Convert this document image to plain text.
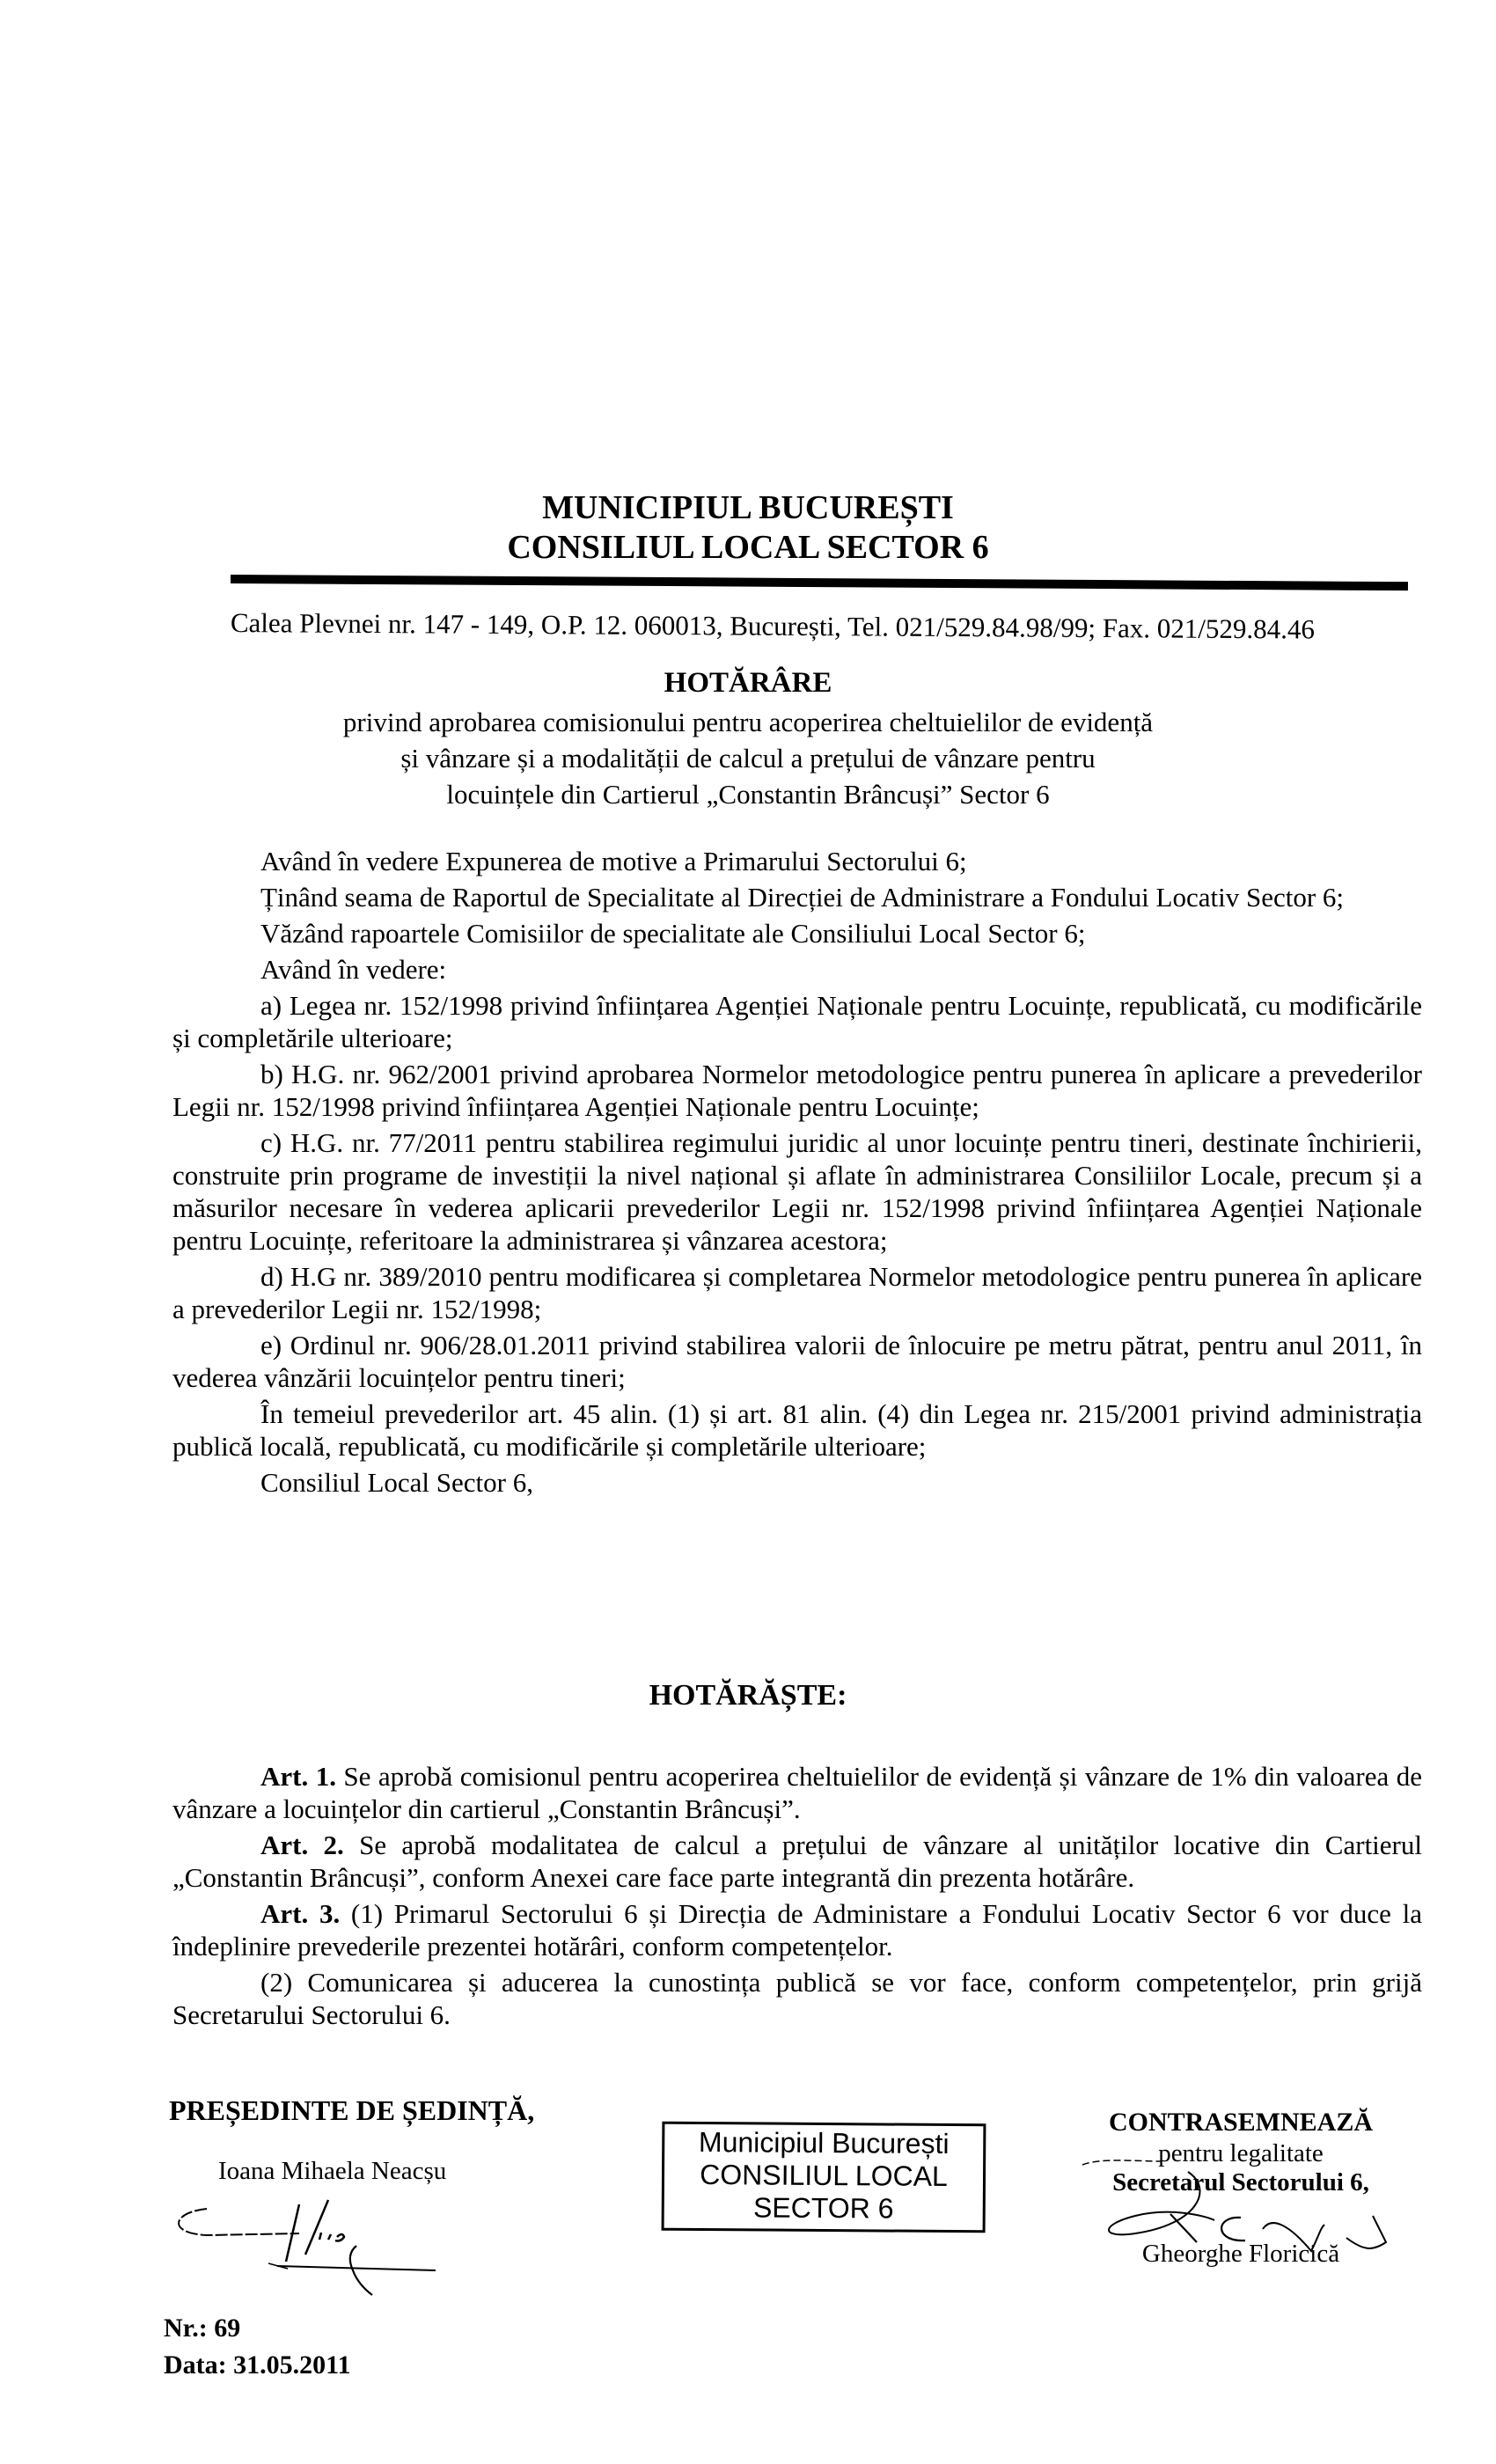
MUNICIPIUL BUCUREȘTI
CONSILIUL LOCAL SECTOR 6
Calea Plevnei nr. 147 - 149, O.P. 12. 060013, București, Tel. 021/529.84.98/99; Fax. 021/529.84.46
HOTĂRÂRE
privind aprobarea comisionului pentru acoperirea cheltuielilor de evidență
și vânzare și a modalității de calcul a prețului de vânzare pentru
locuințele din Cartierul „Constantin Brâncuși” Sector 6

Având în vedere Expunerea de motive a Primarului Sectorului 6;

Ținând seama de Raportul de Specialitate al Direcției de Administrare a Fondului Locativ Sector 6;

Văzând rapoartele Comisiilor de specialitate ale Consiliului Local Sector 6;

Având în vedere:

a) Legea nr. 152/1998 privind înființarea Agenției Naționale pentru Locuințe, republicată, cu modificările și completările ulterioare;

b) H.G. nr. 962/2001 privind aprobarea Normelor metodologice pentru punerea în aplicare a prevederilor Legii nr. 152/1998 privind înființarea Agenției Naționale pentru Locuințe;

c) H.G. nr. 77/2011 pentru stabilirea regimului juridic al unor locuințe pentru tineri, destinate închirierii, construite prin programe de investiții la nivel național și aflate în administrarea Consiliilor Locale, precum și a măsurilor necesare în vederea aplicarii prevederilor Legii nr. 152/1998 privind înființarea Agenției Naționale pentru Locuințe, referitoare la administrarea și vânzarea acestora;

d) H.G nr. 389/2010 pentru modificarea și completarea Normelor metodologice pentru punerea în aplicare a prevederilor Legii nr. 152/1998;

e) Ordinul nr. 906/28.01.2011 privind stabilirea valorii de înlocuire pe metru pătrat, pentru anul 2011, în vederea vânzării locuințelor pentru tineri;

În temeiul prevederilor art. 45 alin. (1) și art. 81 alin. (4) din Legea nr. 215/2001 privind administrația publică locală, republicată, cu modificările și completările ulterioare;

Consiliul Local Sector 6,

HOTĂRĂȘTE:

Art. 1. Se aprobă comisionul pentru acoperirea cheltuielilor de evidență și vânzare de 1% din valoarea de vânzare a locuințelor din cartierul „Constantin Brâncuși”.

Art. 2. Se aprobă modalitatea de calcul a prețului de vânzare al unităților locative din Cartierul „Constantin Brâncuși”, conform Anexei care face parte integrantă din prezenta hotărâre.

Art. 3. (1) Primarul Sectorului 6 și Direcția de Administare a Fondului Locativ Sector 6 vor duce la îndeplinire prevederile prezentei hotărâri, conform competențelor.

(2) Comunicarea și aducerea la cunostința publică se vor face, conform competențelor, prin grijă Secretarului Sectorului 6.

PREȘEDINTE DE ȘEDINȚĂ,
Ioana Mihaela Neacșu
Municipiul București
CONSILIUL LOCAL
SECTOR 6
CONTRASEMNEAZĂ
pentru legalitate
Secretarul Sectorului 6,
Gheorghe Floricică
Nr.: 69
Data: 31.05.2011
